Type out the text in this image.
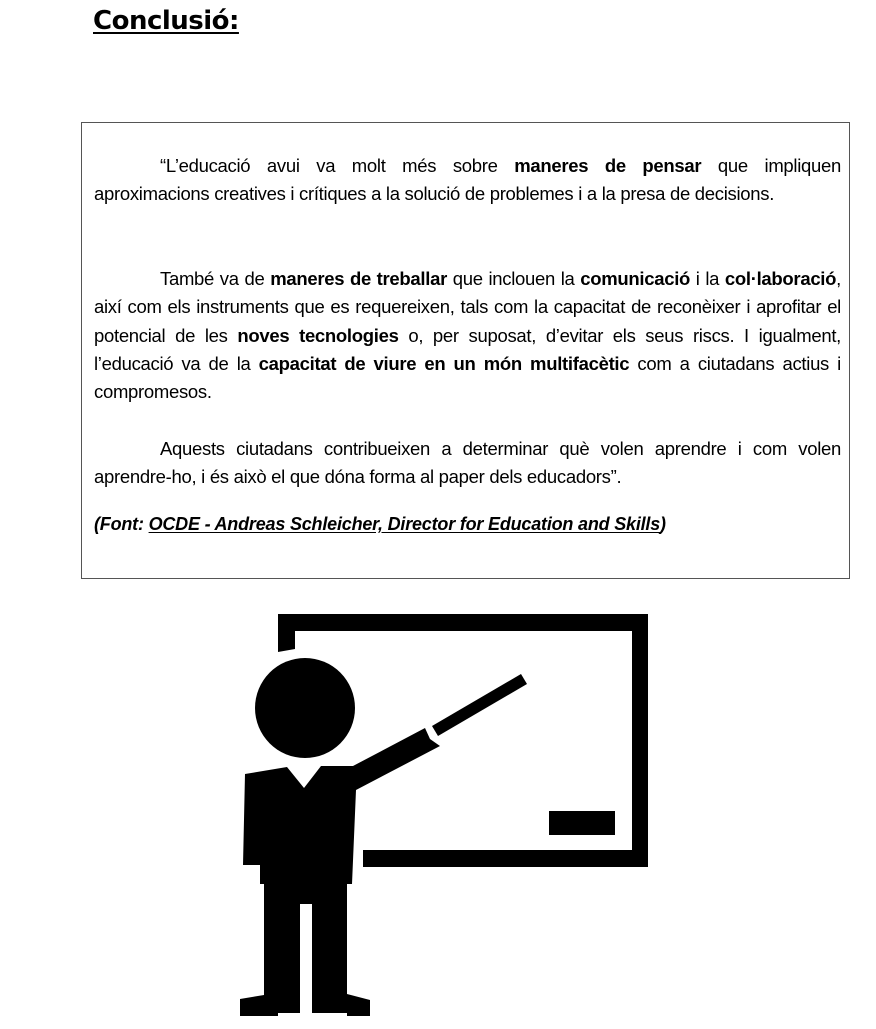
Conclusió:

“L’educació avui va molt més sobre maneres de pensar que impliquen aproximacions creatives i crítiques a la solució de problemes i a la presa de decisions.

També va de maneres de treballar que inclouen la comunicació i la col·laboració, així com els instruments que es requereixen, tals com la capacitat de reconèixer i aprofitar el potencial de les noves tecnologies o, per suposat, d’evitar els seus riscs. I igualment, l’educació va de la capacitat de viure en un món multifacètic com a ciutadans actius i compromesos.

Aquests ciutadans contribueixen a determinar què volen aprendre i com volen aprendre-ho, i és això el que dóna forma al paper dels educadors”.

(Font: OCDE - Andreas Schleicher, Director for Education and Skills)
